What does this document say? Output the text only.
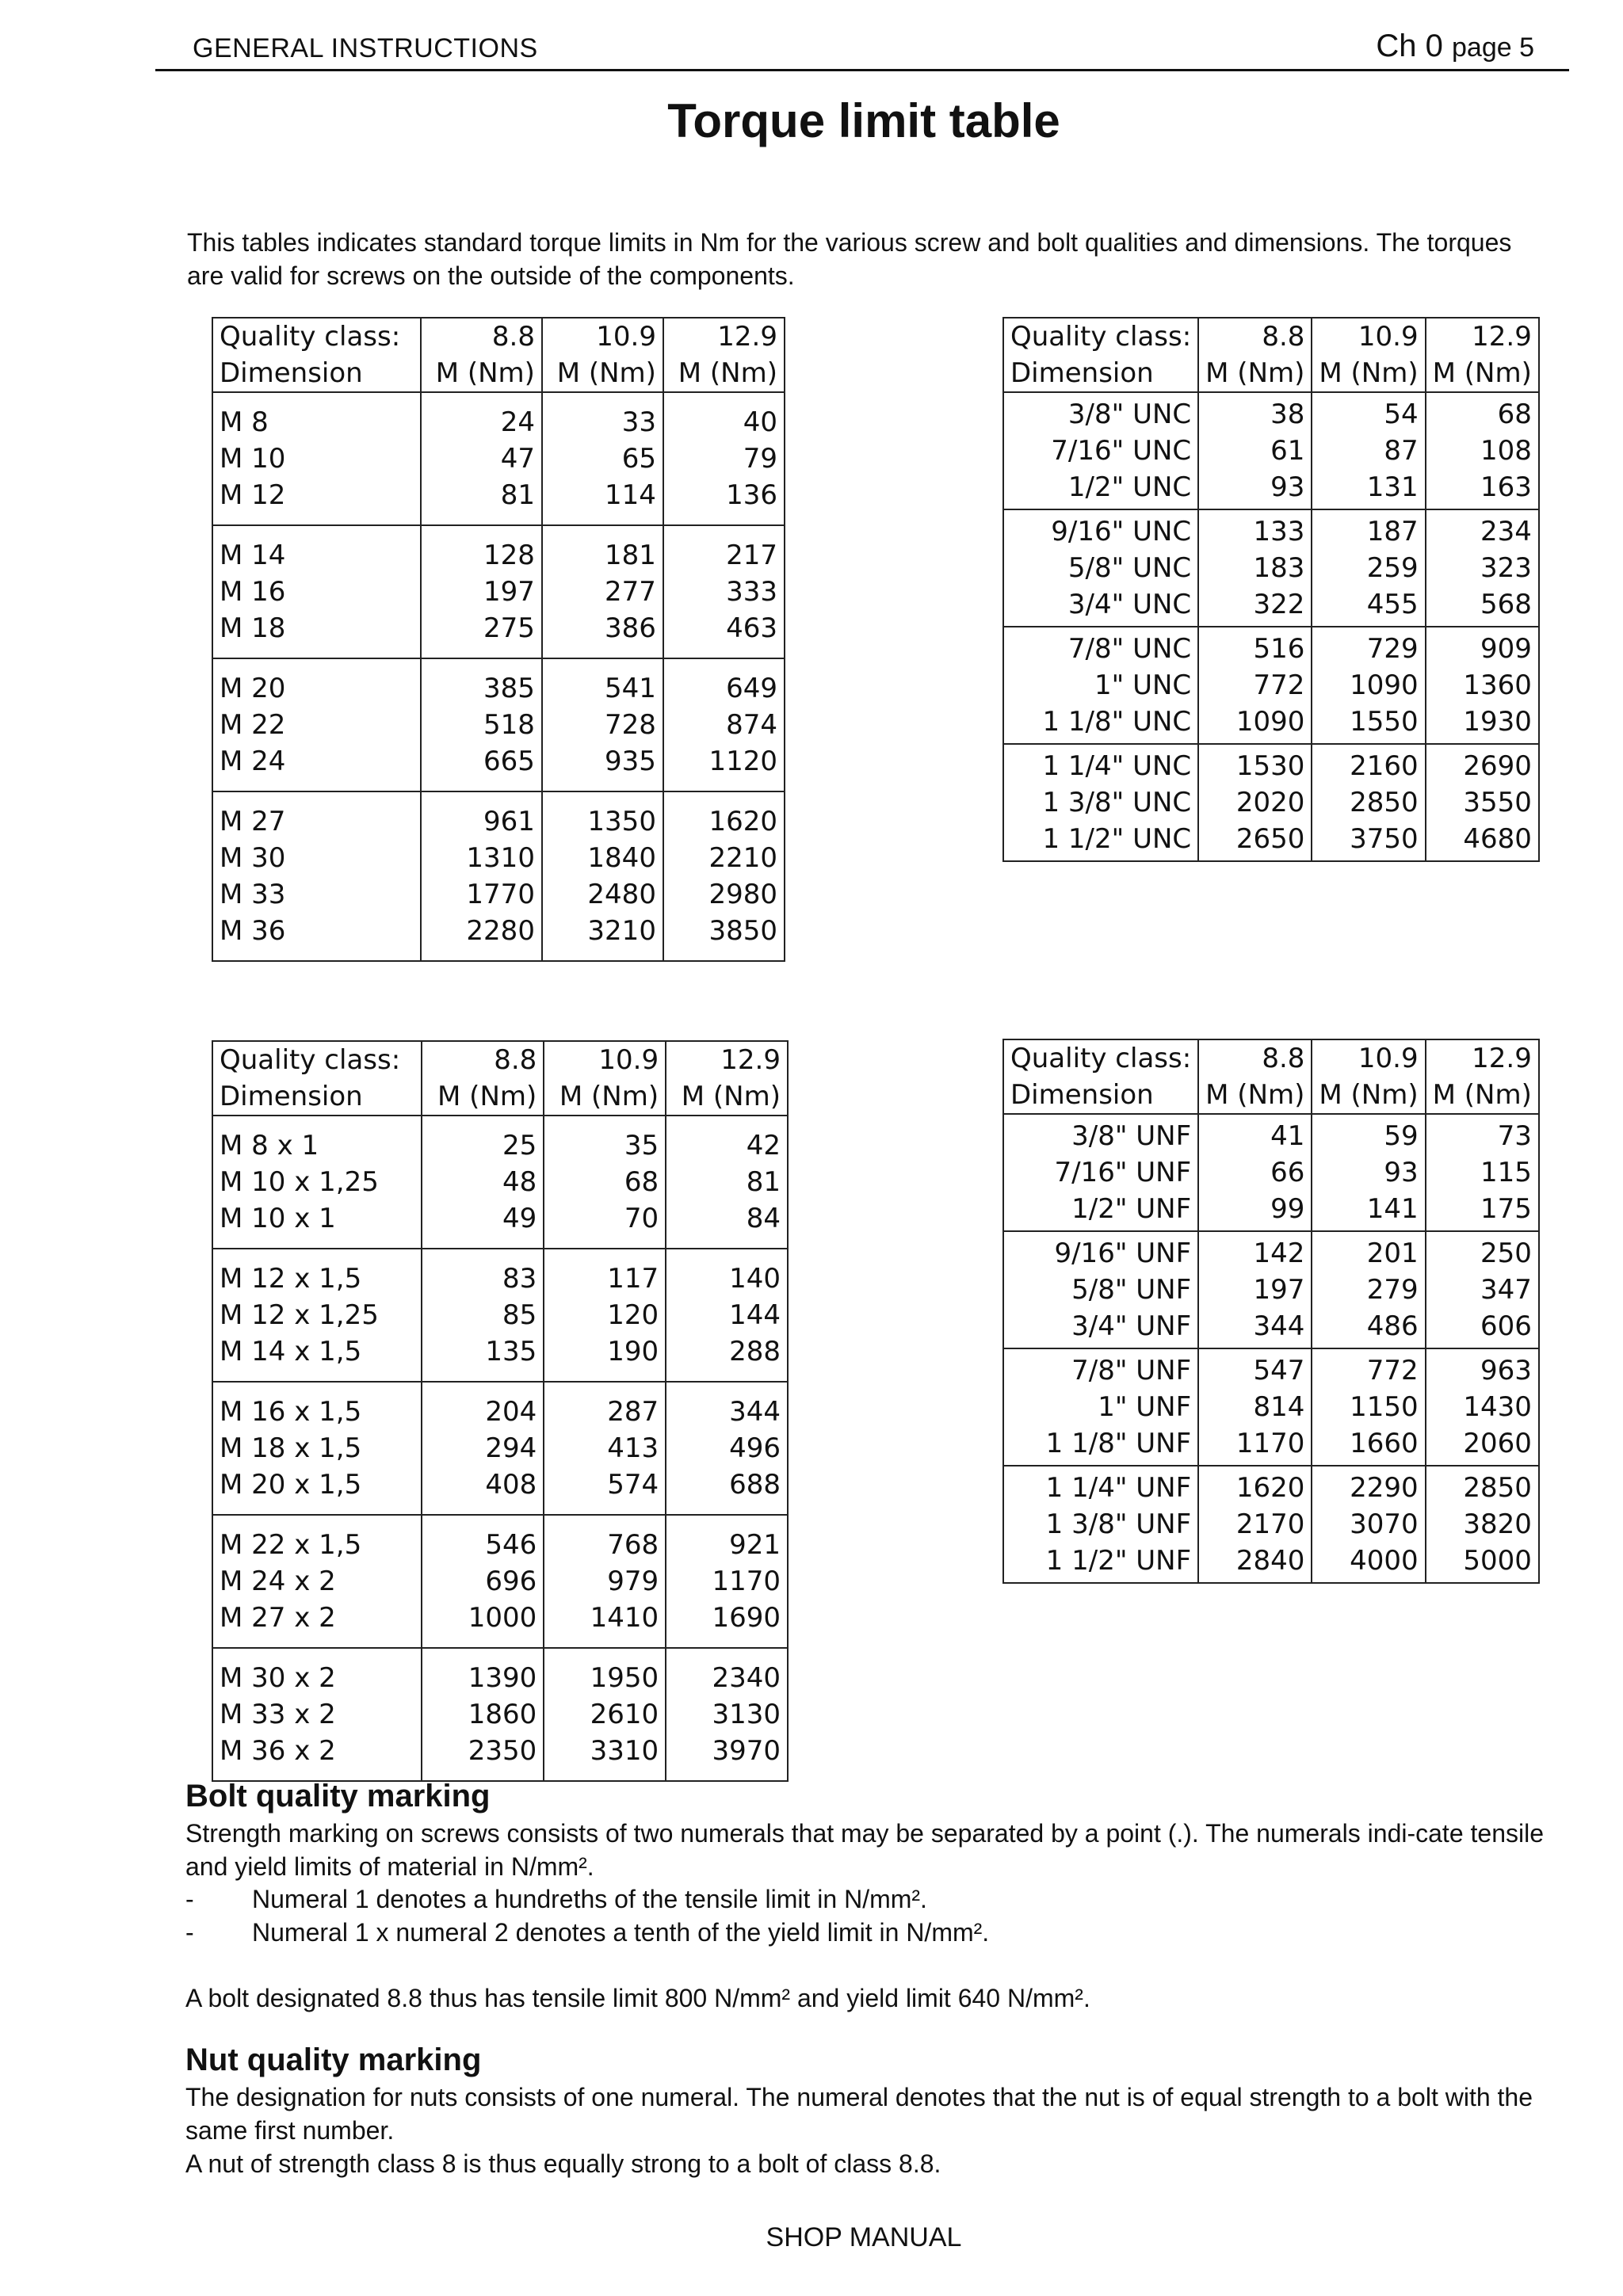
GENERAL INSTRUCTIONS	Ch 0 page 5
Torque limit table
This tables indicates standard torque limits in Nm for the various screw and bolt qualities and dimensions. The torques are valid for screws on the outside of the components.
Quality class:	8.8	10.9	12.9
Dimension	M (Nm)	M (Nm)	M (Nm)
M 8	24	33	40
M 10	47	65	79
M 12	81	114	136
M 14	128	181	217
M 16	197	277	333
M 18	275	386	463
M 20	385	541	649
M 22	518	728	874
M 24	665	935	1120
M 27	961	1350	1620
M 30	1310	1840	2210
M 33	1770	2480	2980
M 36	2280	3210	3850
Quality class:	8.8	10.9	12.9
Dimension	M (Nm)	M (Nm)	M (Nm)
3/8" UNC	38	54	68
7/16" UNC	61	87	108
1/2" UNC	93	131	163
9/16" UNC	133	187	234
5/8" UNC	183	259	323
3/4" UNC	322	455	568
7/8" UNC	516	729	909
1" UNC	772	1090	1360
1 1/8" UNC	1090	1550	1930
1 1/4" UNC	1530	2160	2690
1 3/8" UNC	2020	2850	3550
1 1/2" UNC	2650	3750	4680
Quality class:	8.8	10.9	12.9
Dimension	M (Nm)	M (Nm)	M (Nm)
M 8 x 1	25	35	42
M 10 x 1,25	48	68	81
M 10 x 1	49	70	84
M 12 x 1,5	83	117	140
M 12 x 1,25	85	120	144
M 14 x 1,5	135	190	288
M 16 x 1,5	204	287	344
M 18 x 1,5	294	413	496
M 20 x 1,5	408	574	688
M 22 x 1,5	546	768	921
M 24 x 2	696	979	1170
M 27 x 2	1000	1410	1690
M 30 x 2	1390	1950	2340
M 33 x 2	1860	2610	3130
M 36 x 2	2350	3310	3970
Quality class:	8.8	10.9	12.9
Dimension	M (Nm)	M (Nm)	M (Nm)
3/8" UNF	41	59	73
7/16" UNF	66	93	115
1/2" UNF	99	141	175
9/16" UNF	142	201	250
5/8" UNF	197	279	347
3/4" UNF	344	486	606
7/8" UNF	547	772	963
1" UNF	814	1150	1430
1 1/8" UNF	1170	1660	2060
1 1/4" UNF	1620	2290	2850
1 3/8" UNF	2170	3070	3820
1 1/2" UNF	2840	4000	5000
Bolt quality marking
Strength marking on screws consists of two numerals that may be separated by a point (.). The numerals indi-cate tensile and yield limits of material in N/mm².
- Numeral 1 denotes a hundreths of the tensile limit in N/mm².
- Numeral 1 x numeral 2 denotes a tenth of the yield limit in N/mm².
A bolt designated 8.8 thus has tensile limit 800 N/mm² and yield limit 640 N/mm².
Nut quality marking
The designation for nuts consists of one numeral. The numeral denotes that the nut is of equal strength to a bolt with the same first number.
A nut of strength class 8 is thus equally strong to a bolt of class 8.8.
SHOP MANUAL
